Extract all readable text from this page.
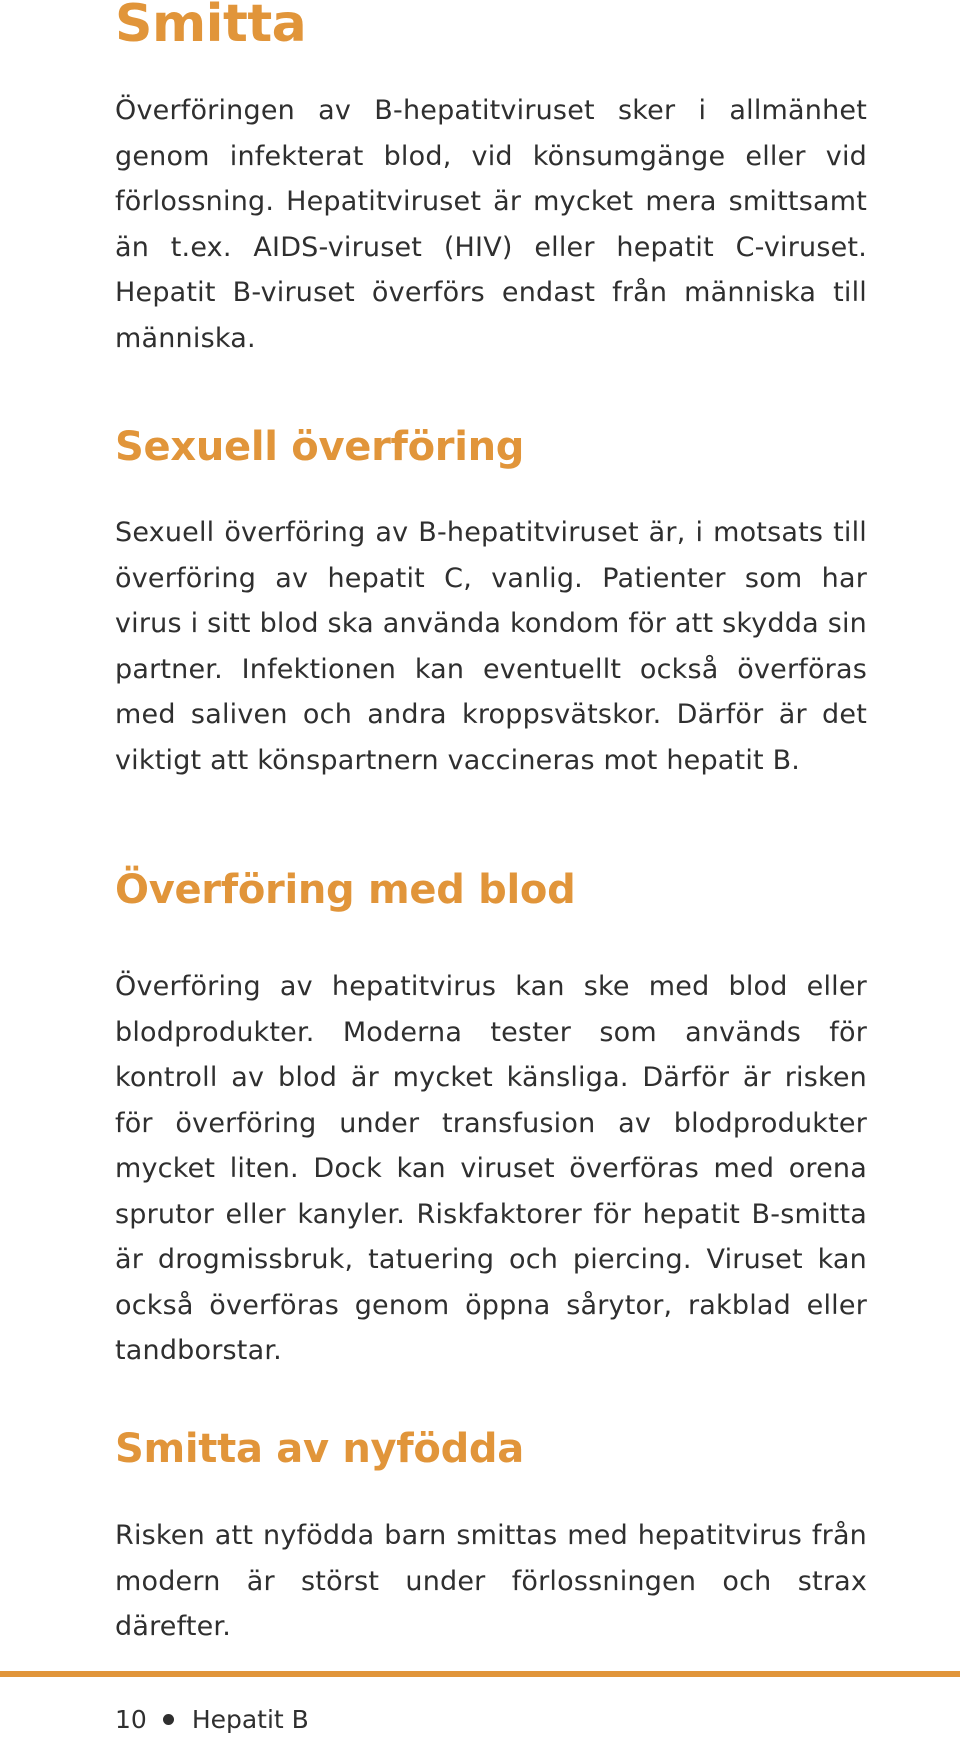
Smitta

Överföringen av B-hepatitviruset sker i allmänhet genom infekterat blod, vid könsumgänge eller vid förlossning. Hepatitviruset är mycket mera smittsamt än t.ex. AIDS-viruset (HIV) eller hepatit C-viruset. Hepatit B-viruset överförs endast från människa till människa.

Sexuell överföring

Sexuell överföring av B-hepatitviruset är, i motsats till överföring av hepatit C, vanlig. Patienter som har virus i sitt blod ska använda kondom för att skydda sin partner. Infektionen kan eventuellt också överföras med saliven och andra kroppsvätskor. Därför är det viktigt att könspartnern vaccineras mot hepatit B.

Överföring med blod

Överföring av hepatitvirus kan ske med blod eller blodprodukter. Moderna tester som används för kontroll av blod är mycket känsliga. Därför är risken för överföring under transfusion av blodprodukter mycket liten. Dock kan viruset överföras med orena sprutor eller kanyler. Riskfaktorer för hepatit B-smitta är drogmissbruk, tatuering och piercing. Viruset kan också överföras genom öppna sårytor, rakblad eller tandborstar.

Smitta av nyfödda

Risken att nyfödda barn smittas med hepatitvirus från modern är störst under förlossningen och strax därefter.

10 Hepatit B
